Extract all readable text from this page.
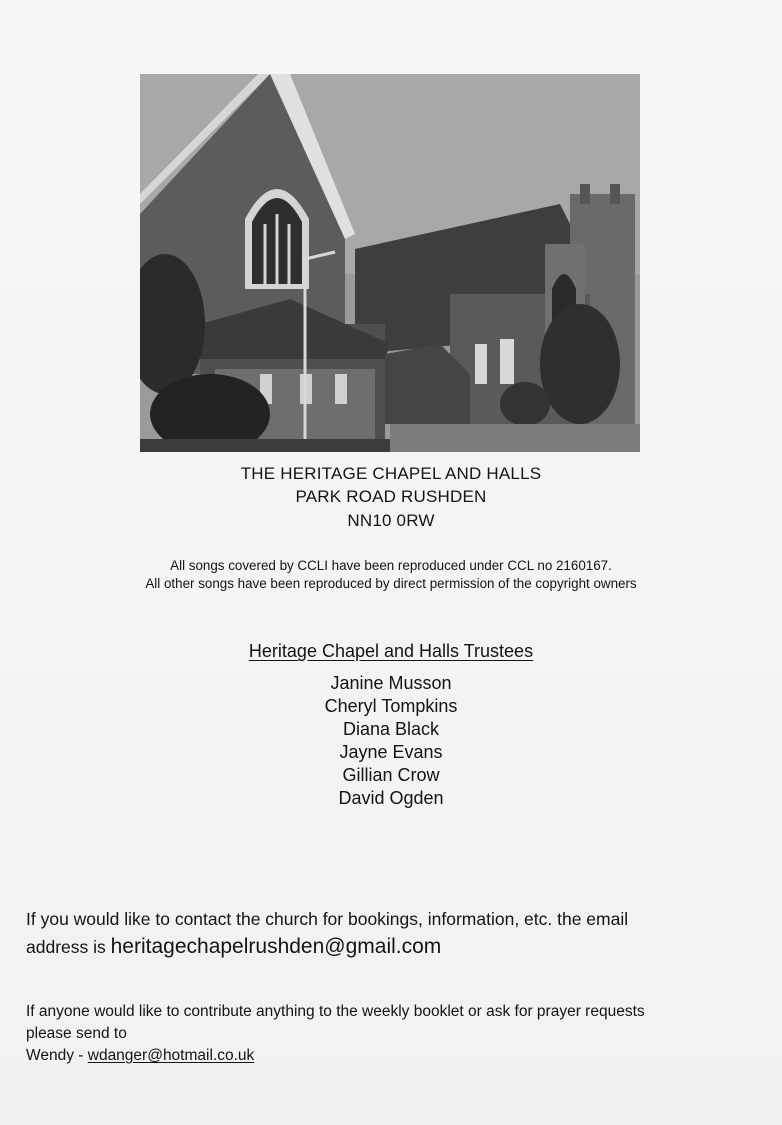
THE HERITAGE CHAPEL AND HALLS
PARK ROAD RUSHDEN
NN10 0RW
All songs covered by CCLI have been reproduced under CCL no 2160167.
All other songs have been reproduced by direct permission of the copyright owners
Heritage Chapel and Halls Trustees
Janine Musson
Cheryl Tompkins
Diana Black
Jayne Evans
Gillian Crow
David Ogden
If you would like to contact the church for bookings, information, etc. the email
address is heritagechapelrushden@gmail.com
If anyone would like to contribute anything to the weekly booklet or ask for prayer requests
please send to
Wendy - wdanger@hotmail.co.uk
